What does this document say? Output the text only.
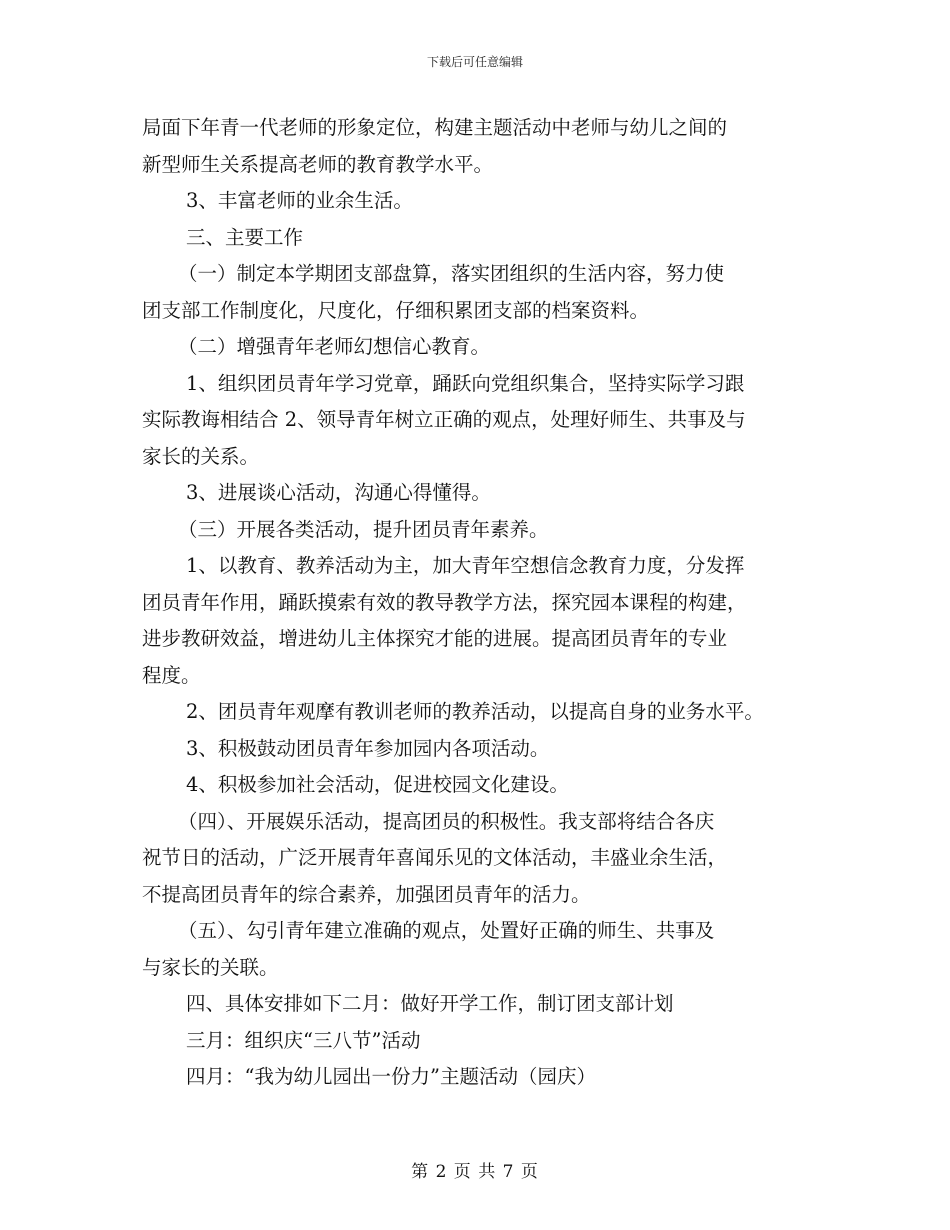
下载后可任意编辑

局面下年青一代老师的形象定位，构建主题活动中老师与幼儿之间的
新型师生关系提高老师的教育教学水平。

3、丰富老师的业余生活。

三、主要工作

（一）制定本学期团支部盘算，落实团组织的生活内容，努力使
团支部工作制度化，尺度化，仔细积累团支部的档案资料。

（二）增强青年老师幻想信心教育。

1、组织团员青年学习党章，踊跃向党组织集合，坚持实际学习跟
实际教诲相结合 2、领导青年树立正确的观点，处理好师生、共事及与
家长的关系。

3、进展谈心活动，沟通心得懂得。

（三）开展各类活动，提升团员青年素养。

1、以教育、教养活动为主，加大青年空想信念教育力度，分发挥
团员青年作用，踊跃摸索有效的教导教学方法，探究园本课程的构建，
进步教研效益，增进幼儿主体探究才能的进展。提高团员青年的专业
程度。

2、团员青年观摩有教训老师的教养活动，以提高自身的业务水平。

3、积极鼓动团员青年参加园内各项活动。

4、积极参加社会活动，促进校园文化建设。

（四）、开展娱乐活动，提高团员的积极性。我支部将结合各庆
祝节日的活动，广泛开展青年喜闻乐见的文体活动，丰盛业余生活，
不提高团员青年的综合素养，加强团员青年的活力。

（五）、勾引青年建立准确的观点，处置好正确的师生、共事及
与家长的关联。

四、具体安排如下二月：做好开学工作，制订团支部计划

三月：组织庆“三八节”活动

四月：“我为幼儿园出一份力”主题活动（园庆）

第 2 页 共 7 页
